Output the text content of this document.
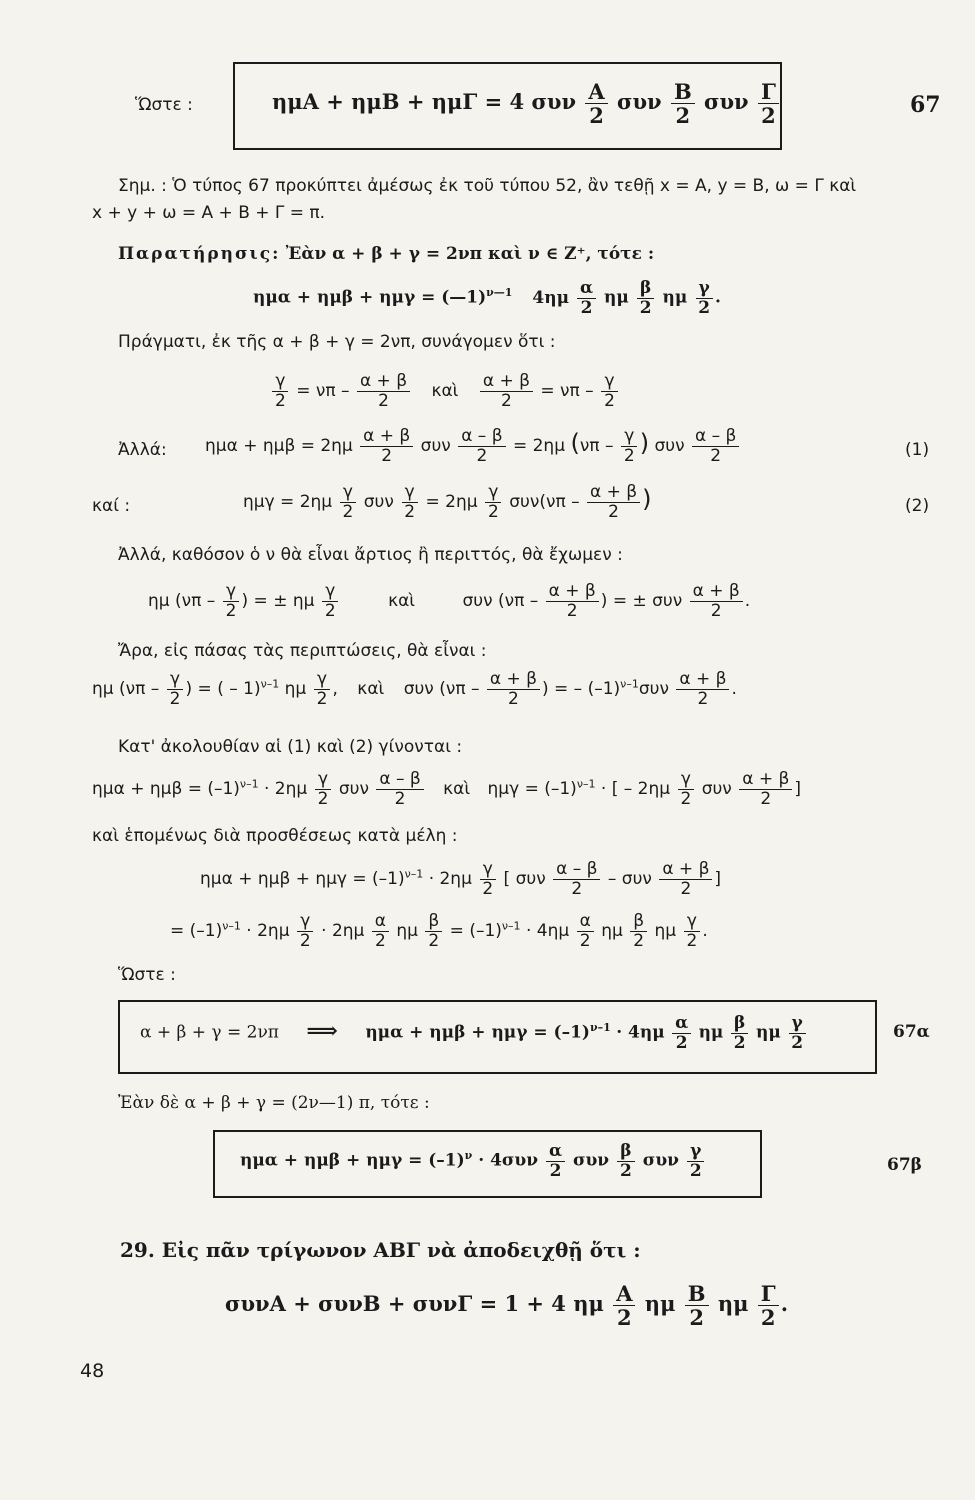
Ὥστε :	ημA + ημB + ημΓ = 4 συν $\frac{A}{2}$ συν $\frac{B}{2}$ συν $\frac{\Gamma}{2}$	67
Σημ. : Ὁ τύπος 67 προκύπτει ἀμέσως ἐκ τοῦ τύπου 52, ἂν τεθῇ x = A, y = B, ω = Γ καὶ
x + y + ω = A + B + Γ = π.
Παρατήρησις: Ἐὰν α + β + γ = 2νπ καὶ ν ∈ Z⁺, τότε :
ημα + ημβ + ημγ = (—1)$^{\nu—1}$ $4\eta\mu \frac{\alpha}{2}$ ημ $\frac{\beta}{2}$ ημ $\frac{\gamma}{2}$ .
Πράγματι, ἐκ τῆς α + β + γ = 2νπ, συνάγομεν ὅτι :
$\frac{\gamma}{2} = \nu\pi - \frac{\alpha + \beta}{2}$ καὶ $\frac{\alpha + \beta}{2} = \nu\pi - \frac{\gamma}{2}$
Ἀλλά: $\eta\mu\alpha + \eta\mu\beta = 2\eta\mu \frac{\alpha + \beta}{2}$ συν $\frac{\alpha - \beta}{2} = 2\eta\mu$ ($\nu\pi - \frac{\gamma}{2}$ ) συν $\frac{\alpha - \beta}{2}$	(1)
καί :	$\eta\mu\gamma = 2\eta\mu \frac{\gamma}{2}$ συν $\frac{\gamma}{2} = 2\eta\mu \frac{\gamma}{2} \sigma\upsilon\nu(\nu\pi - \frac{\alpha + \beta}{2}$ )	(2)
Ἀλλά, καθόσον ὁ ν θὰ εἶναι ἄρτιος ἢ περιττός, θὰ ἔχωμεν :
ημ ($\nu\pi - \frac{\gamma}{2}$ ) = ± ημ $\frac{\gamma}{2}$	καὶ	συν ($\nu\pi - \frac{\alpha + \beta}{2}$ ) = ± συν $\frac{\alpha + \beta}{2}$ .
Ἄρα, εἰς πάσας τὰς περιπτώσεις, θὰ εἶναι :
ημ ($\nu\pi - \frac{\gamma}{2}$ ) = ( – 1)$^{\nu-1}$ ημ $\frac{\gamma}{2}$ , καὶ συν ($\nu\pi - \frac{\alpha + \beta}{2}$ ) = – $(-1)^{\nu-1}\sigma\upsilon\nu \frac{\alpha + \beta}{2}$ .
Κατ' ἀκολουθίαν αἱ (1) καὶ (2) γίνονται :
$\eta\mu\alpha + \eta\mu\beta = (-1)^{\nu-1} \cdot 2\eta\mu \frac{\gamma}{2}$ συν $\frac{\alpha - \beta}{2}$ καὶ $\eta\mu\gamma = (-1)^{\nu-1}$ · [ – $2\eta\mu \frac{\gamma}{2}$ συν $\frac{\alpha + \beta}{2}$ ]
καὶ ἑπομένως διὰ προσθέσεως κατὰ μέλη :
$\eta\mu\alpha + \eta\mu\beta + \eta\mu\gamma = (-1)^{\nu-1} \cdot 2\eta\mu \frac{\gamma}{2}$ [ συν $\frac{\alpha - \beta}{2}$ – συν $\frac{\alpha + \beta}{2}$ ]
= $(-1)^{\nu-1} \cdot 2\eta\mu \frac{\gamma}{2} \cdot 2\eta\mu \frac{\alpha}{2}$ ημ $\frac{\beta}{2} = (-1)^{\nu-1} \cdot 4\eta\mu \frac{\alpha}{2}$ ημ $\frac{\beta}{2}$ ημ $\frac{\gamma}{2}$ .
Ὥστε :
α + β + γ = 2νπ ⟹ $\eta\mu\alpha + \eta\mu\beta + \eta\mu\gamma = (-1)^{\nu-1} \cdot 4\eta\mu \frac{\alpha}{2}$ ημ $\frac{\beta}{2}$ ημ $\frac{\gamma}{2}$	67α
Ἐὰν δὲ α + β + γ = (2ν—1) π, τότε :
$\eta\mu\alpha + \eta\mu\beta + \eta\mu\gamma = (-1)^\nu \cdot 4\sigma\upsilon\nu \frac{\alpha}{2}$ συν $\frac{\beta}{2}$ συν $\frac{\gamma}{2}$	67β
29. Εἰς πᾶν τρίγωνον ΑΒΓ νὰ ἀποδειχθῇ ὅτι :
συνA + συνB + συνΓ = 1 + 4 ημ $\frac{A}{2}$ ημ $\frac{B}{2}$ ημ $\frac{\Gamma}{2}$ .
48
